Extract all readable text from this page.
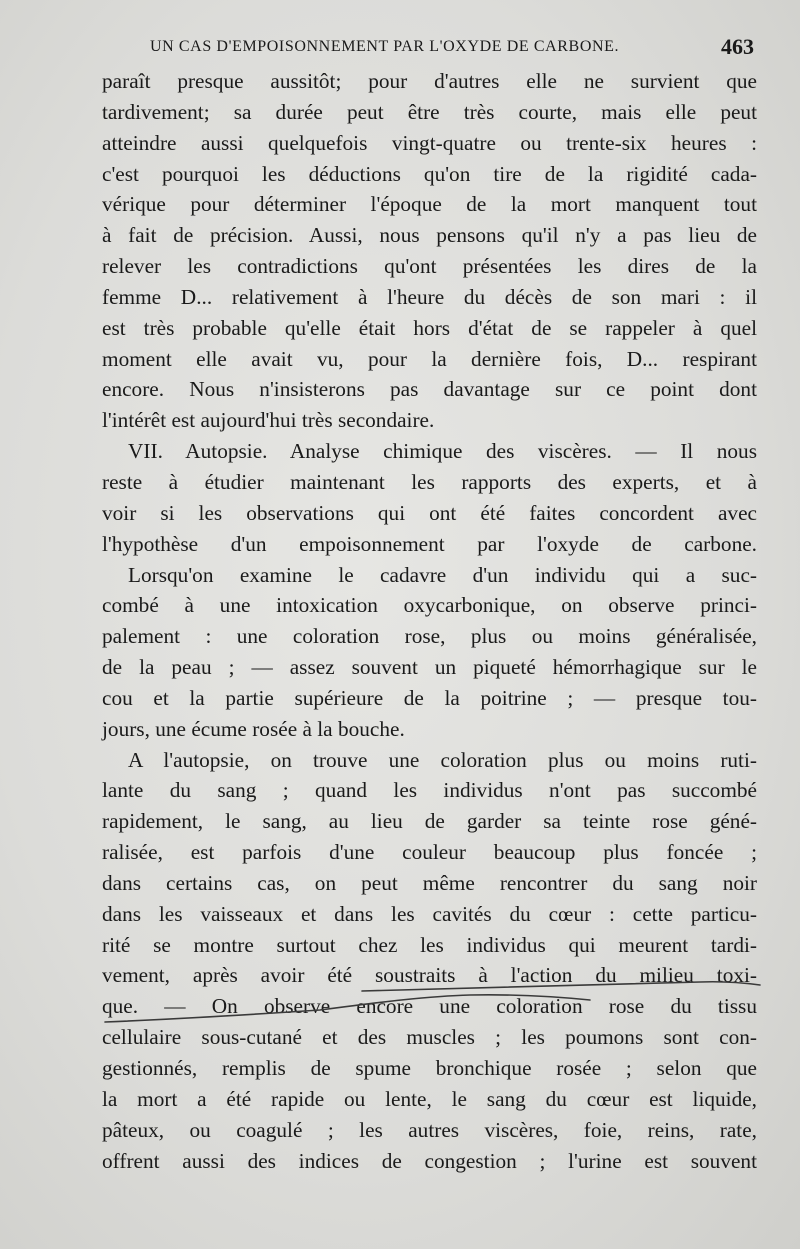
UN CAS D'EMPOISONNEMENT PAR L'OXYDE DE CARBONE.	463
paraît presque aussitôt; pour d'autres elle ne survient que
tardivement; sa durée peut être très courte, mais elle peut
atteindre aussi quelquefois vingt-quatre ou trente-six heures :
c'est pourquoi les déductions qu'on tire de la rigidité cada-
vérique pour déterminer l'époque de la mort manquent tout
à fait de précision. Aussi, nous pensons qu'il n'y a pas lieu de
relever les contradictions qu'ont présentées les dires de la
femme D... relativement à l'heure du décès de son mari : il
est très probable qu'elle était hors d'état de se rappeler à quel
moment elle avait vu, pour la dernière fois, D... respirant
encore. Nous n'insisterons pas davantage sur ce point dont
l'intérêt est aujourd'hui très secondaire.
VII. Autopsie. Analyse chimique des viscères. — Il nous
reste à étudier maintenant les rapports des experts, et à
voir si les observations qui ont été faites concordent avec
l'hypothèse d'un empoisonnement par l'oxyde de carbone.
Lorsqu'on examine le cadavre d'un individu qui a suc-
combé à une intoxication oxycarbonique, on observe princi-
palement : une coloration rose, plus ou moins généralisée,
de la peau ; — assez souvent un piqueté hémorrhagique sur le
cou et la partie supérieure de la poitrine ; — presque tou-
jours, une écume rosée à la bouche.
A l'autopsie, on trouve une coloration plus ou moins ruti-
lante du sang ; quand les individus n'ont pas succombé
rapidement, le sang, au lieu de garder sa teinte rose géné-
ralisée, est parfois d'une couleur beaucoup plus foncée ;
dans certains cas, on peut même rencontrer du sang noir
dans les vaisseaux et dans les cavités du cœur : cette particu-
rité se montre surtout chez les individus qui meurent tardi-
vement, après avoir été soustraits à l'action du milieu toxi-
que. — On observe encore une coloration rose du tissu
cellulaire sous-cutané et des muscles ; les poumons sont con-
gestionnés, remplis de spume bronchique rosée ; selon que
la mort a été rapide ou lente, le sang du cœur est liquide,
pâteux, ou coagulé ; les autres viscères, foie, reins, rate,
offrent aussi des indices de congestion ; l'urine est souvent
